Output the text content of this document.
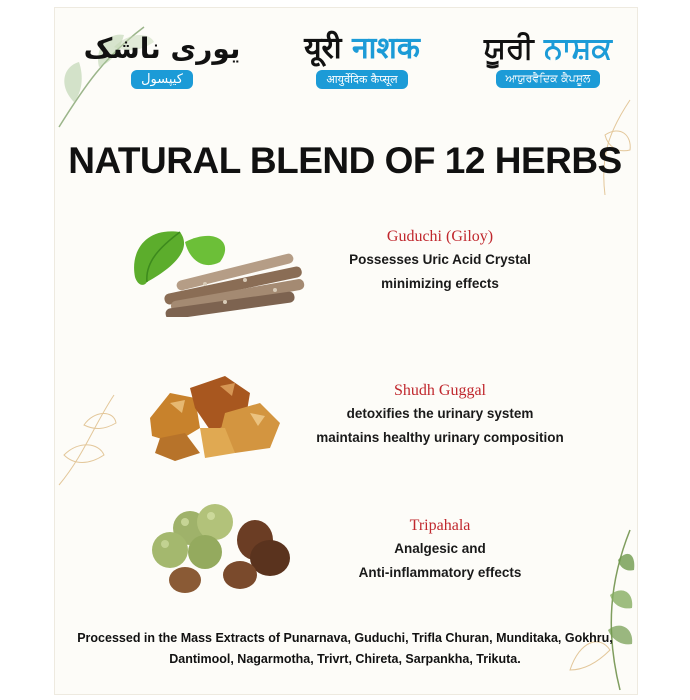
یوری ناشک
کیپسول
यूरी नाशक
आयुर्वेदिक कैप्सूल
ਯੂਰੀ ਨਾਸ਼ਕ
ਆਯੁਰਵੈਦਿਕ ਕੈਪਸੂਲ
NATURAL BLEND OF 12 HERBS
Guduchi (Giloy)
Possesses Uric Acid Crystal
minimizing effects
Shudh Guggal
detoxifies the urinary system
maintains healthy urinary composition
Tripahala
Analgesic and
Anti-inflammatory effects
Processed in the Mass Extracts of Punarnava, Guduchi, Trifla Churan, Munditaka, Gokhru,
Dantimool, Nagarmotha, Trivrt, Chireta, Sarpankha, Trikuta.
